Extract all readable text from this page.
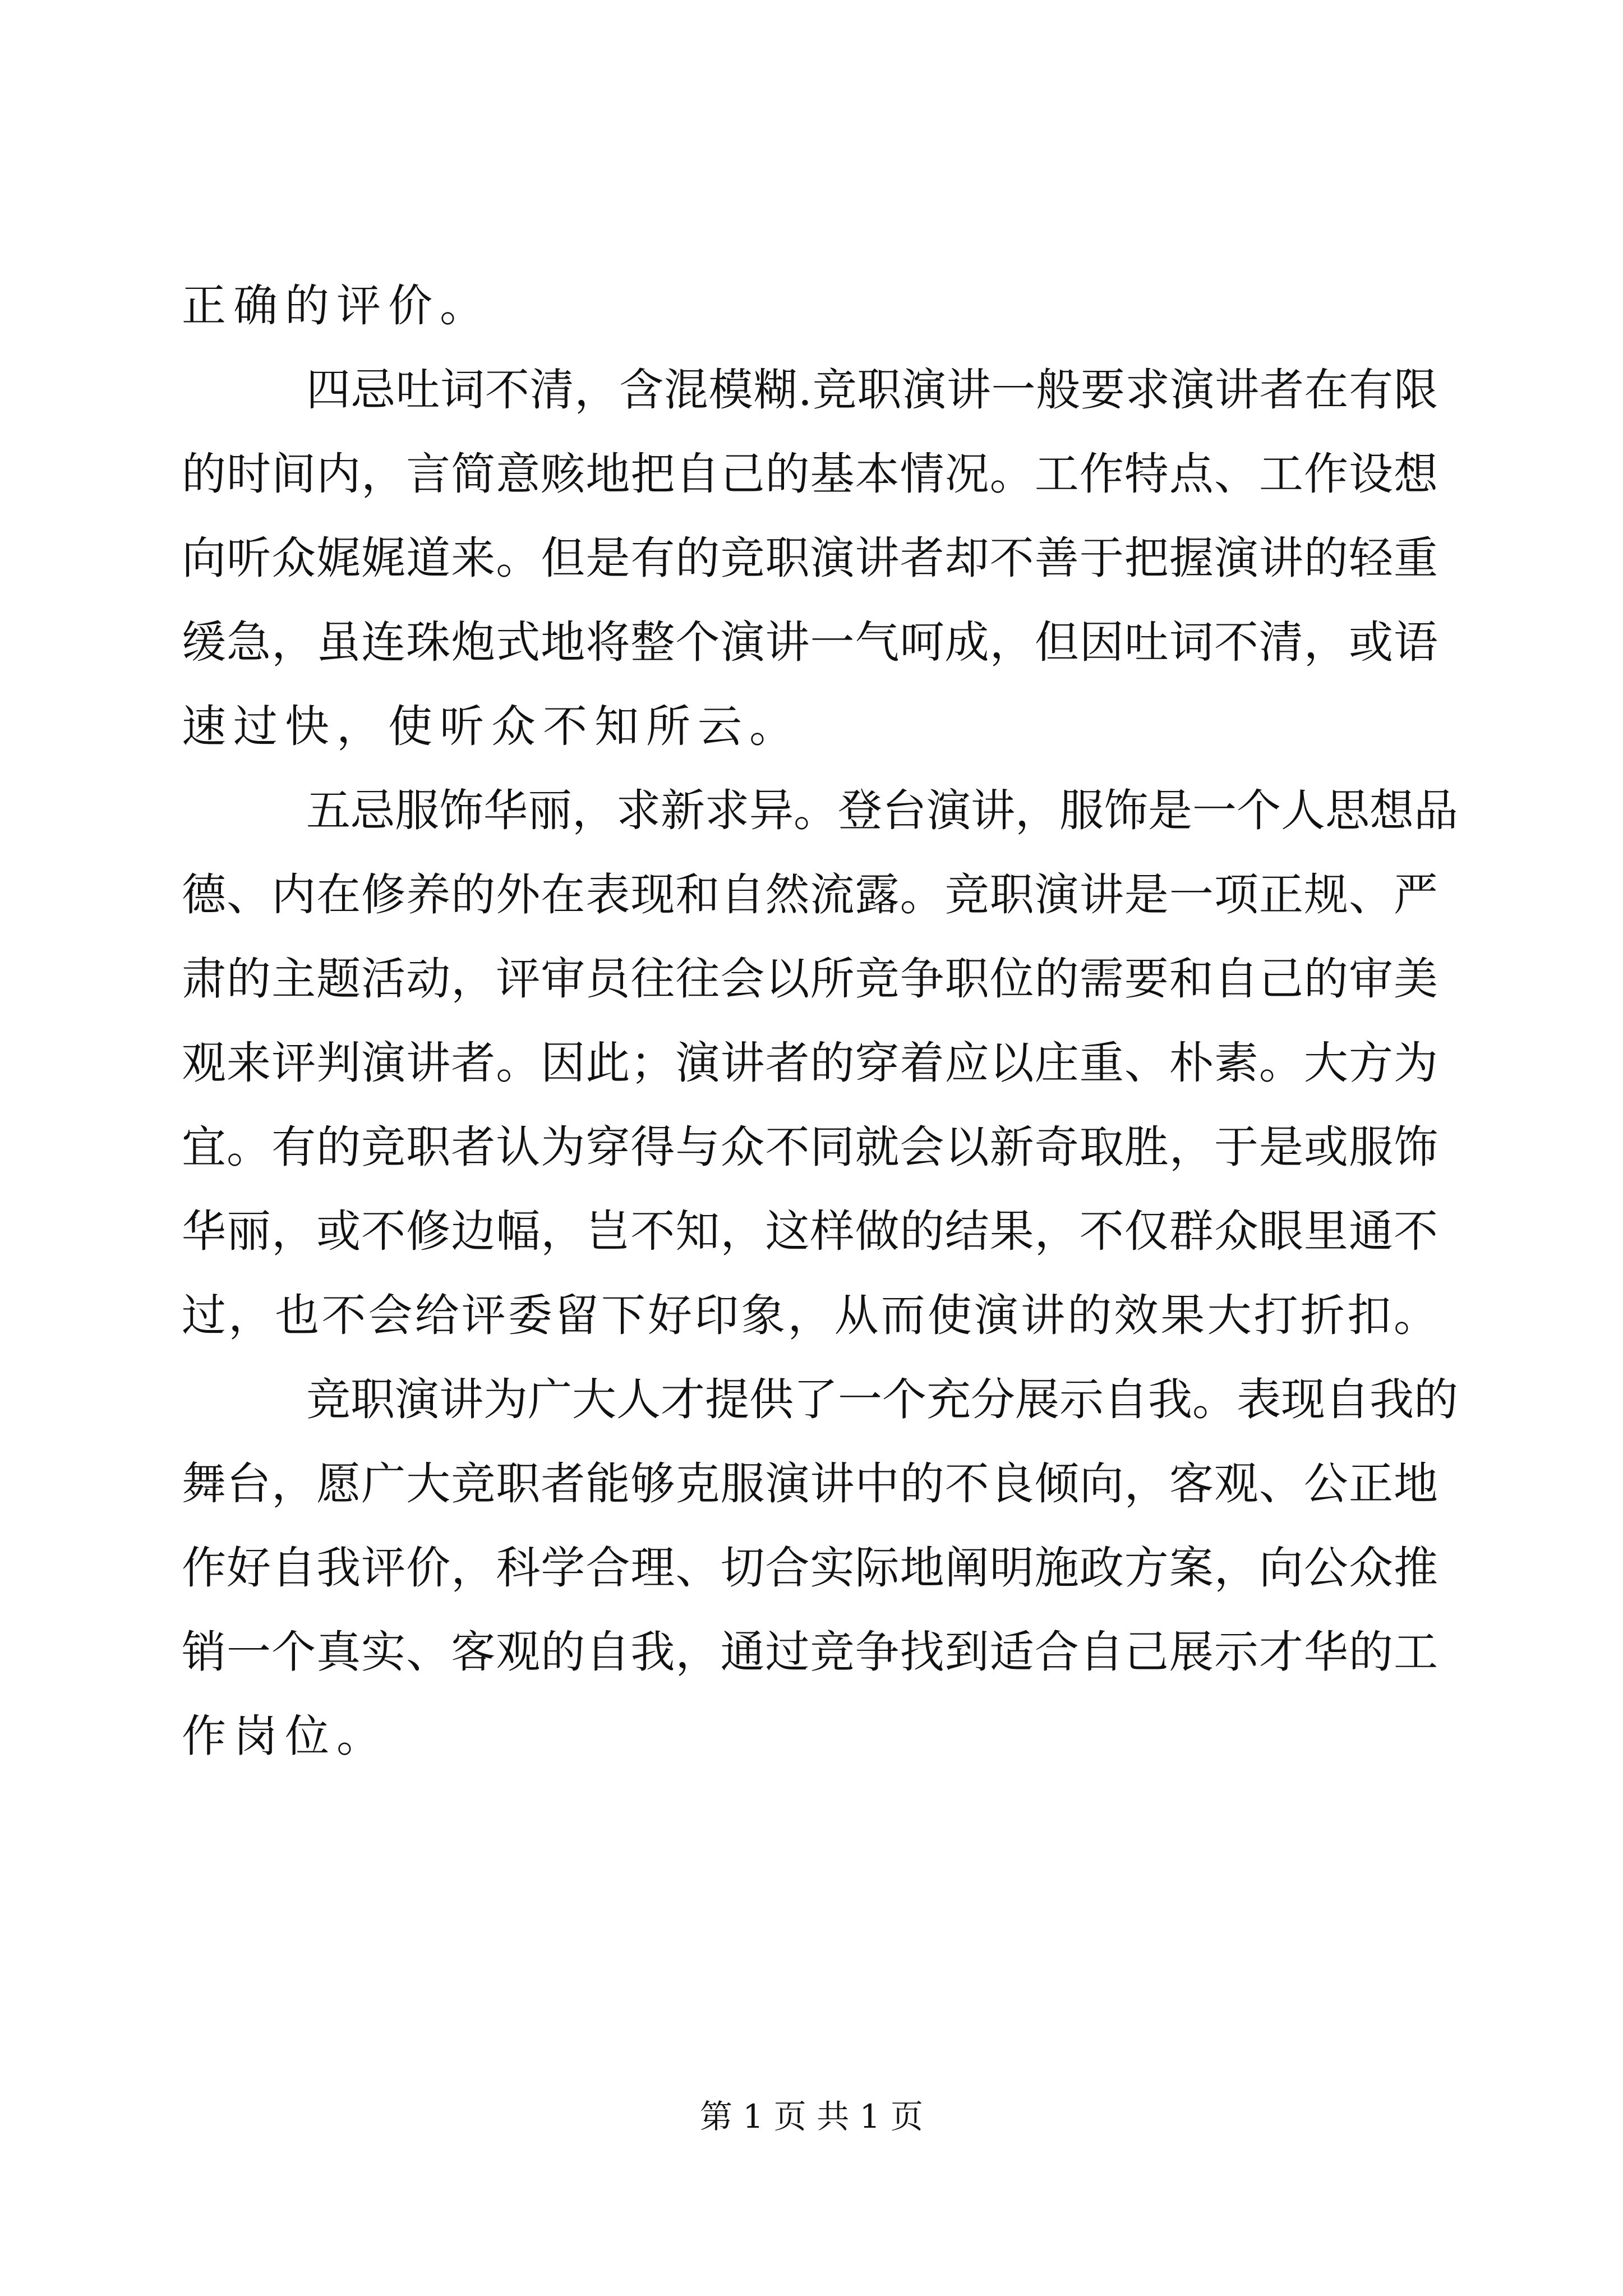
正确的评价。
四忌吐词不清，含混模糊.竞职演讲一般要求演讲者在有限
的时间内，言简意赅地把自己的基本情况。工作特点、工作设想
向听众娓娓道来。但是有的竞职演讲者却不善于把握演讲的轻重
缓急，虽连珠炮式地将整个演讲一气呵成，但因吐词不清，或语
速过快，使听众不知所云。
五忌服饰华丽，求新求异。登台演讲，服饰是一个人思想品
德、内在修养的外在表现和自然流露。竞职演讲是一项正规、严
肃的主题活动，评审员往往会以所竞争职位的需要和自己的审美
观来评判演讲者。因此；演讲者的穿着应以庄重、朴素。大方为
宜。有的竞职者认为穿得与众不同就会以新奇取胜，于是或服饰
华丽，或不修边幅，岂不知，这样做的结果，不仅群众眼里通不
过，也不会给评委留下好印象，从而使演讲的效果大打折扣。
竞职演讲为广大人才提供了一个充分展示自我。表现自我的
舞台，愿广大竞职者能够克服演讲中的不良倾向，客观、公正地
作好自我评价，科学合理、切合实际地阐明施政方案，向公众推
销一个真实、客观的自我，通过竞争找到适合自己展示才华的工
作岗位。
第 1 页 共 1 页
